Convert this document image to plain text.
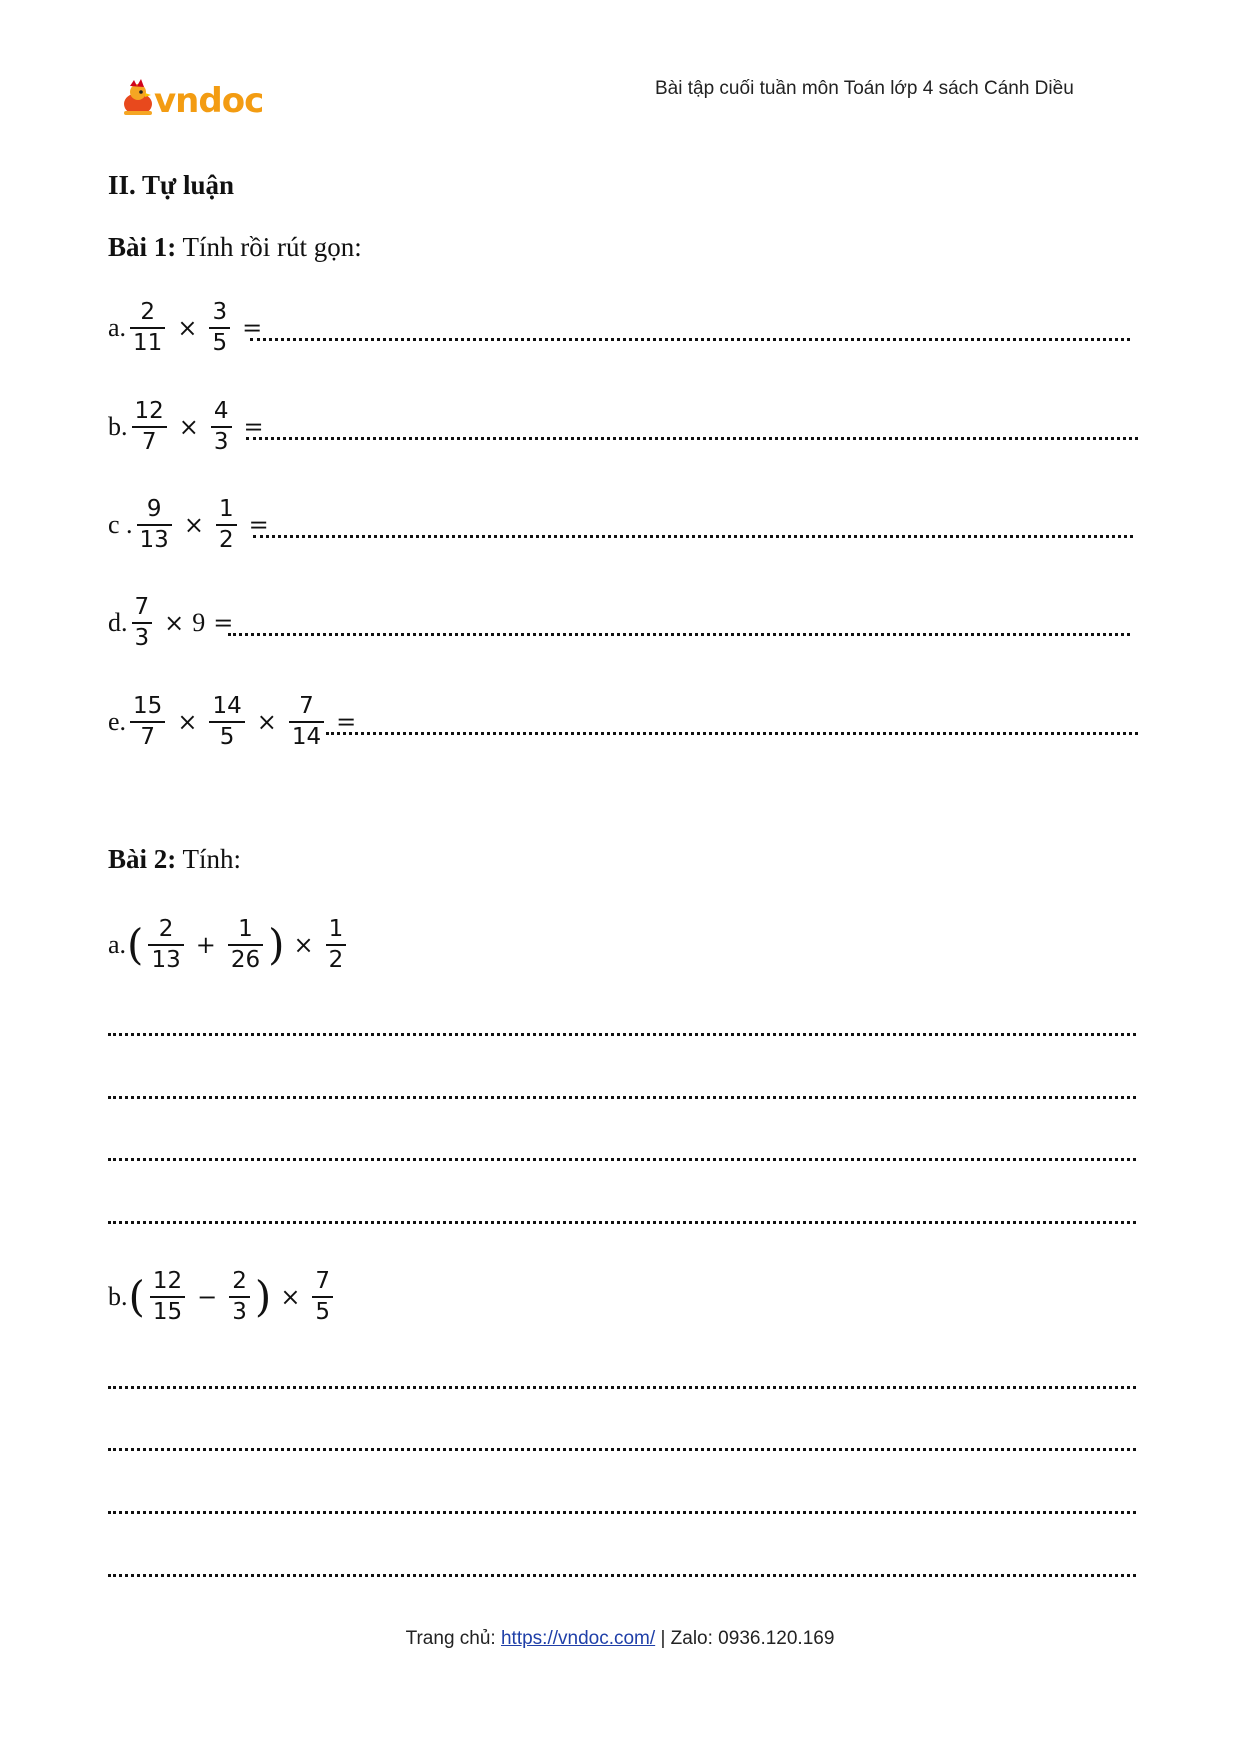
vndoc	Bài tập cuối tuần môn Toán lớp 4 sách Cánh Diều
II. Tự luận
Bài 1: Tính rồi rút gọn:
a. $\frac{2}{11} \times \frac{3}{5}$ =
b. $\frac{12}{7} \times \frac{4}{3}$ =
c . $\frac{9}{13} \times \frac{1}{2}$ =
d. $\frac{7}{3} \times 9$ =
e. $\frac{15}{7} \times \frac{14}{5} \times \frac{7}{14}$ =
Bài 2: Tính:
a. ( $\frac{2}{13} + \frac{1}{26}$ ) × $\frac{1}{2}$
b. ( $\frac{12}{15} - \frac{2}{3}$ ) × $\frac{7}{5}$
Trang chủ: https://vndoc.com/ | Zalo: 0936.120.169
